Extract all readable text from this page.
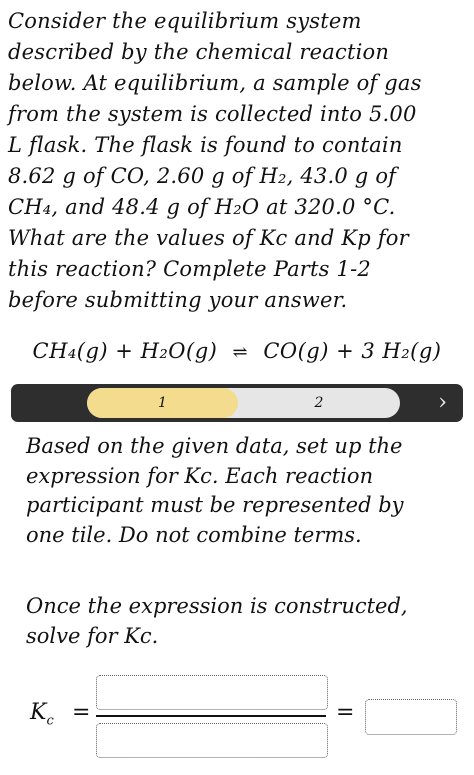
Consider the equilibrium system
described by the chemical reaction
below. At equilibrium, a sample of gas
from the system is collected into 5.00
L flask. The flask is found to contain
8.62 g of CO, 2.60 g of H₂, 43.0 g of
CH₄, and 48.4 g of H₂O at 320.0 °C.
What are the values of Kc and Kp for
this reaction? Complete Parts 1-2
before submitting your answer.
CH₄(g) + H₂O(g) ⇌ CO(g) + 3 H₂(g)
1	2	›
Based on the given data, set up the
expression for Kc. Each reaction
participant must be represented by
one tile. Do not combine terms.
Once the expression is constructed,
solve for Kc.
$K_c$ =	=
